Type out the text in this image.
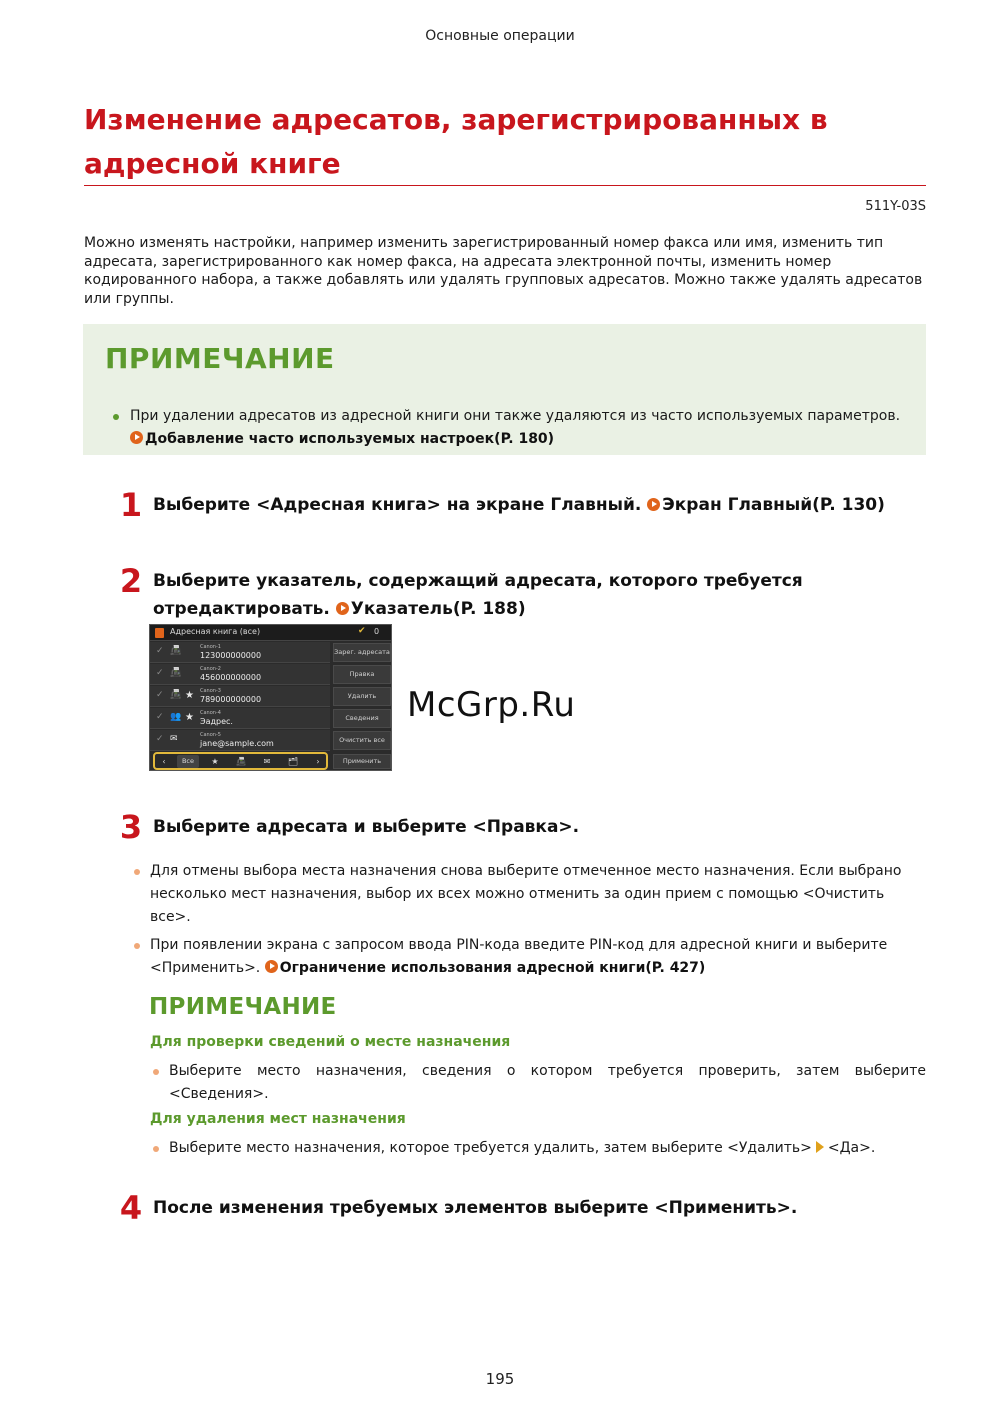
Основные операции
Изменение адресатов, зарегистрированных в
адресной книге
511Y-03S
Можно изменять настройки, например изменить зарегистрированный номер факса или имя, изменить тип адресата, зарегистрированного как номер факса, на адресата электронной почты, изменить номер кодированного набора, а также добавлять или удалять групповых адресатов. Можно также удалять адресатов или группы.
ПРИМЕЧАНИЕ
При удалении адресатов из адресной книги они также удаляются из часто используемых параметров.
Добавление часто используемых настроек(P. 180)
1 Выберите <Адресная книга> на экране Главный. Экран Главный(P. 130)
2 Выберите указатель, содержащий адресата, которого требуется
отредактировать. Указатель(P. 188)
Адресная книга (все)	✔ 0
✓ 📠	Canon-1
123000000000
✓ 📠	Canon-2
456000000000
✓ 📠 ★ Canon-3
789000000000
✓ 👥 ★ Canon-4
Эадрес.
✓ ✉	Canon-5
jane@sample.com
Зарег. адресата
Правка
Удалить
Сведения
Очистить все
‹	Все	★	📠	✉	🗂	›	Применить
McGrp.Ru
3 Выберите адресата и выберите <Правка>.
Для отмены выбора места назначения снова выберите отмеченное место назначения. Если выбрано несколько мест назначения, выбор их всех можно отменить за один прием с помощью <Очистить все>.
При появлении экрана с запросом ввода PIN-кода введите PIN-код для адресной книги и выберите <Применить>. Ограничение использования адресной книги(P. 427)
ПРИМЕЧАНИЕ
Для проверки сведений о месте назначения
Выберите место назначения, сведения о котором требуется проверить, затем выберите <Сведения>.
Для удаления мест назначения
Выберите место назначения, которое требуется удалить, затем выберите <Удалить> <Да>.
4 После изменения требуемых элементов выберите <Применить>.
195
